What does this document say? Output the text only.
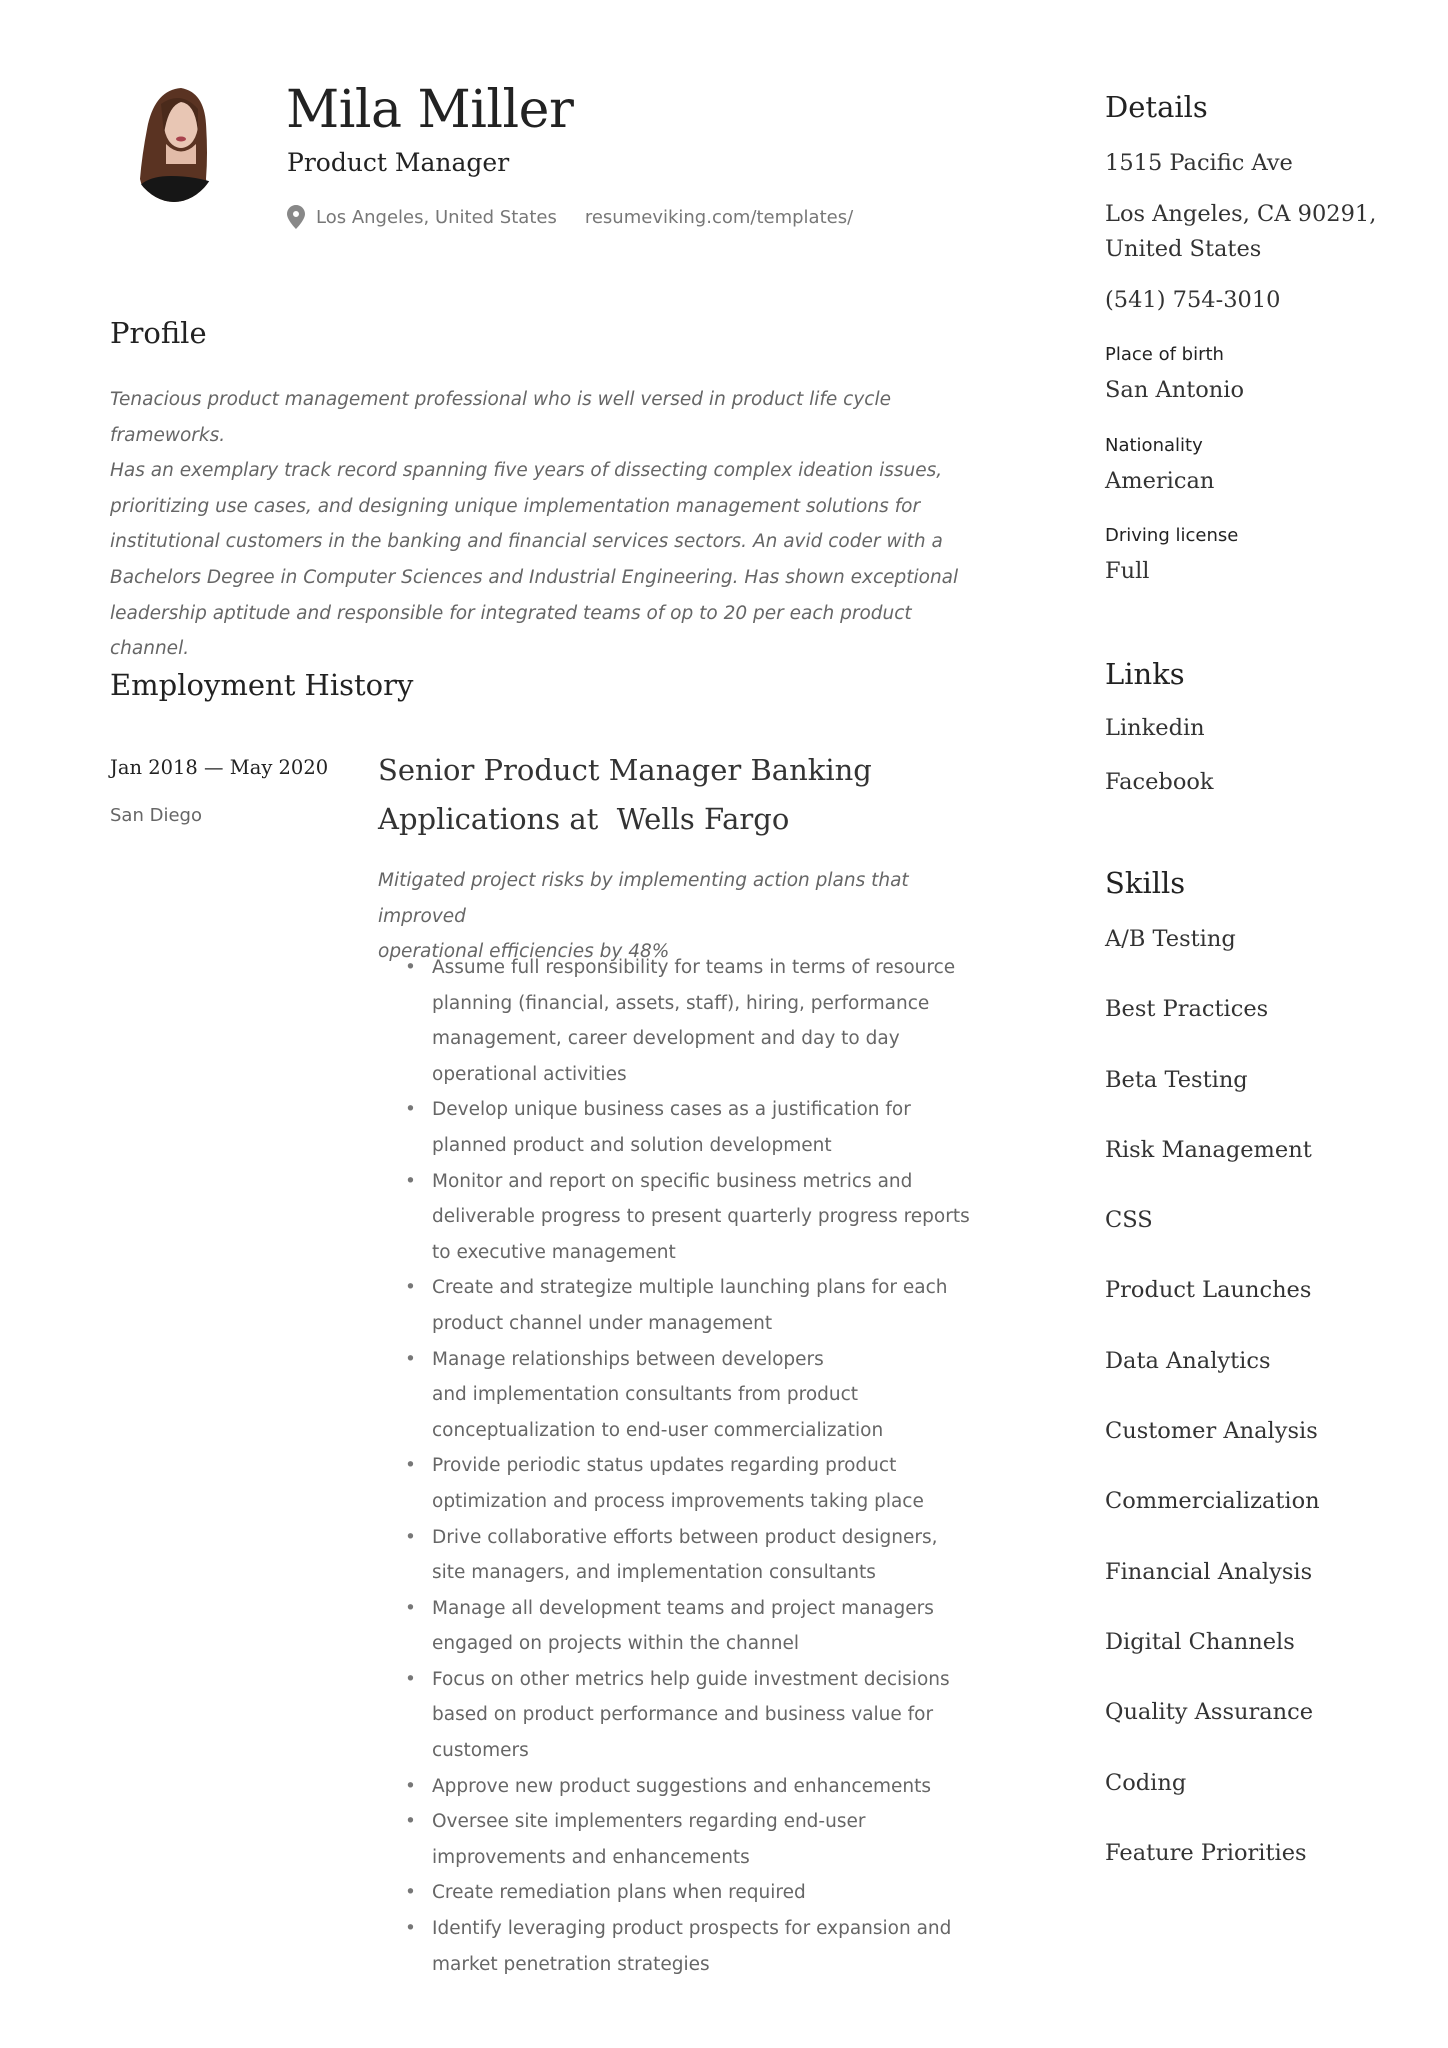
Mila Miller
Product Manager
Los Angeles, United States resumeviking.com/templates/
Profile
Tenacious product management professional who is well versed in product life cycle frameworks.
Has an exemplary track record spanning five years of dissecting complex ideation issues,
prioritizing use cases, and designing unique implementation management solutions for
institutional customers in the banking and financial services sectors. An avid coder with a
Bachelors Degree in Computer Sciences and Industrial Engineering. Has shown exceptional
leadership aptitude and responsible for integrated teams of op to 20 per each product channel.
Employment History
Jan 2018 — May 2020
San Diego
Senior Product Manager Banking
Applications at  Wells Fargo
Mitigated project risks by implementing action plans that improved
operational efficiencies by 48%
• Assume full responsibility for teams in terms of resource
planning (financial, assets, staff), hiring, performance
management, career development and day to day
operational activities
• Develop unique business cases as a justification for
planned product and solution development
• Monitor and report on specific business metrics and
deliverable progress to present quarterly progress reports
to executive management
• Create and strategize multiple launching plans for each
product channel under management
• Manage relationships between developers
and implementation consultants from product
conceptualization to end-user commercialization
• Provide periodic status updates regarding product
optimization and process improvements taking place
• Drive collaborative efforts between product designers,
site managers, and implementation consultants
• Manage all development teams and project managers
engaged on projects within the channel
• Focus on other metrics help guide investment decisions
based on product performance and business value for
customers
• Approve new product suggestions and enhancements
• Oversee site implementers regarding end-user
improvements and enhancements
• Create remediation plans when required
• Identify leveraging product prospects for expansion and
market penetration strategies
Details
1515 Pacific Ave
Los Angeles, CA 90291,
United States
(541) 754-3010
Place of birth
San Antonio
Nationality
American
Driving license
Full
Links
Linkedin
Facebook
Skills
A/B Testing
Best Practices
Beta Testing
Risk Management
CSS
Product Launches
Data Analytics
Customer Analysis
Commercialization
Financial Analysis
Digital Channels
Quality Assurance
Coding
Feature Priorities
